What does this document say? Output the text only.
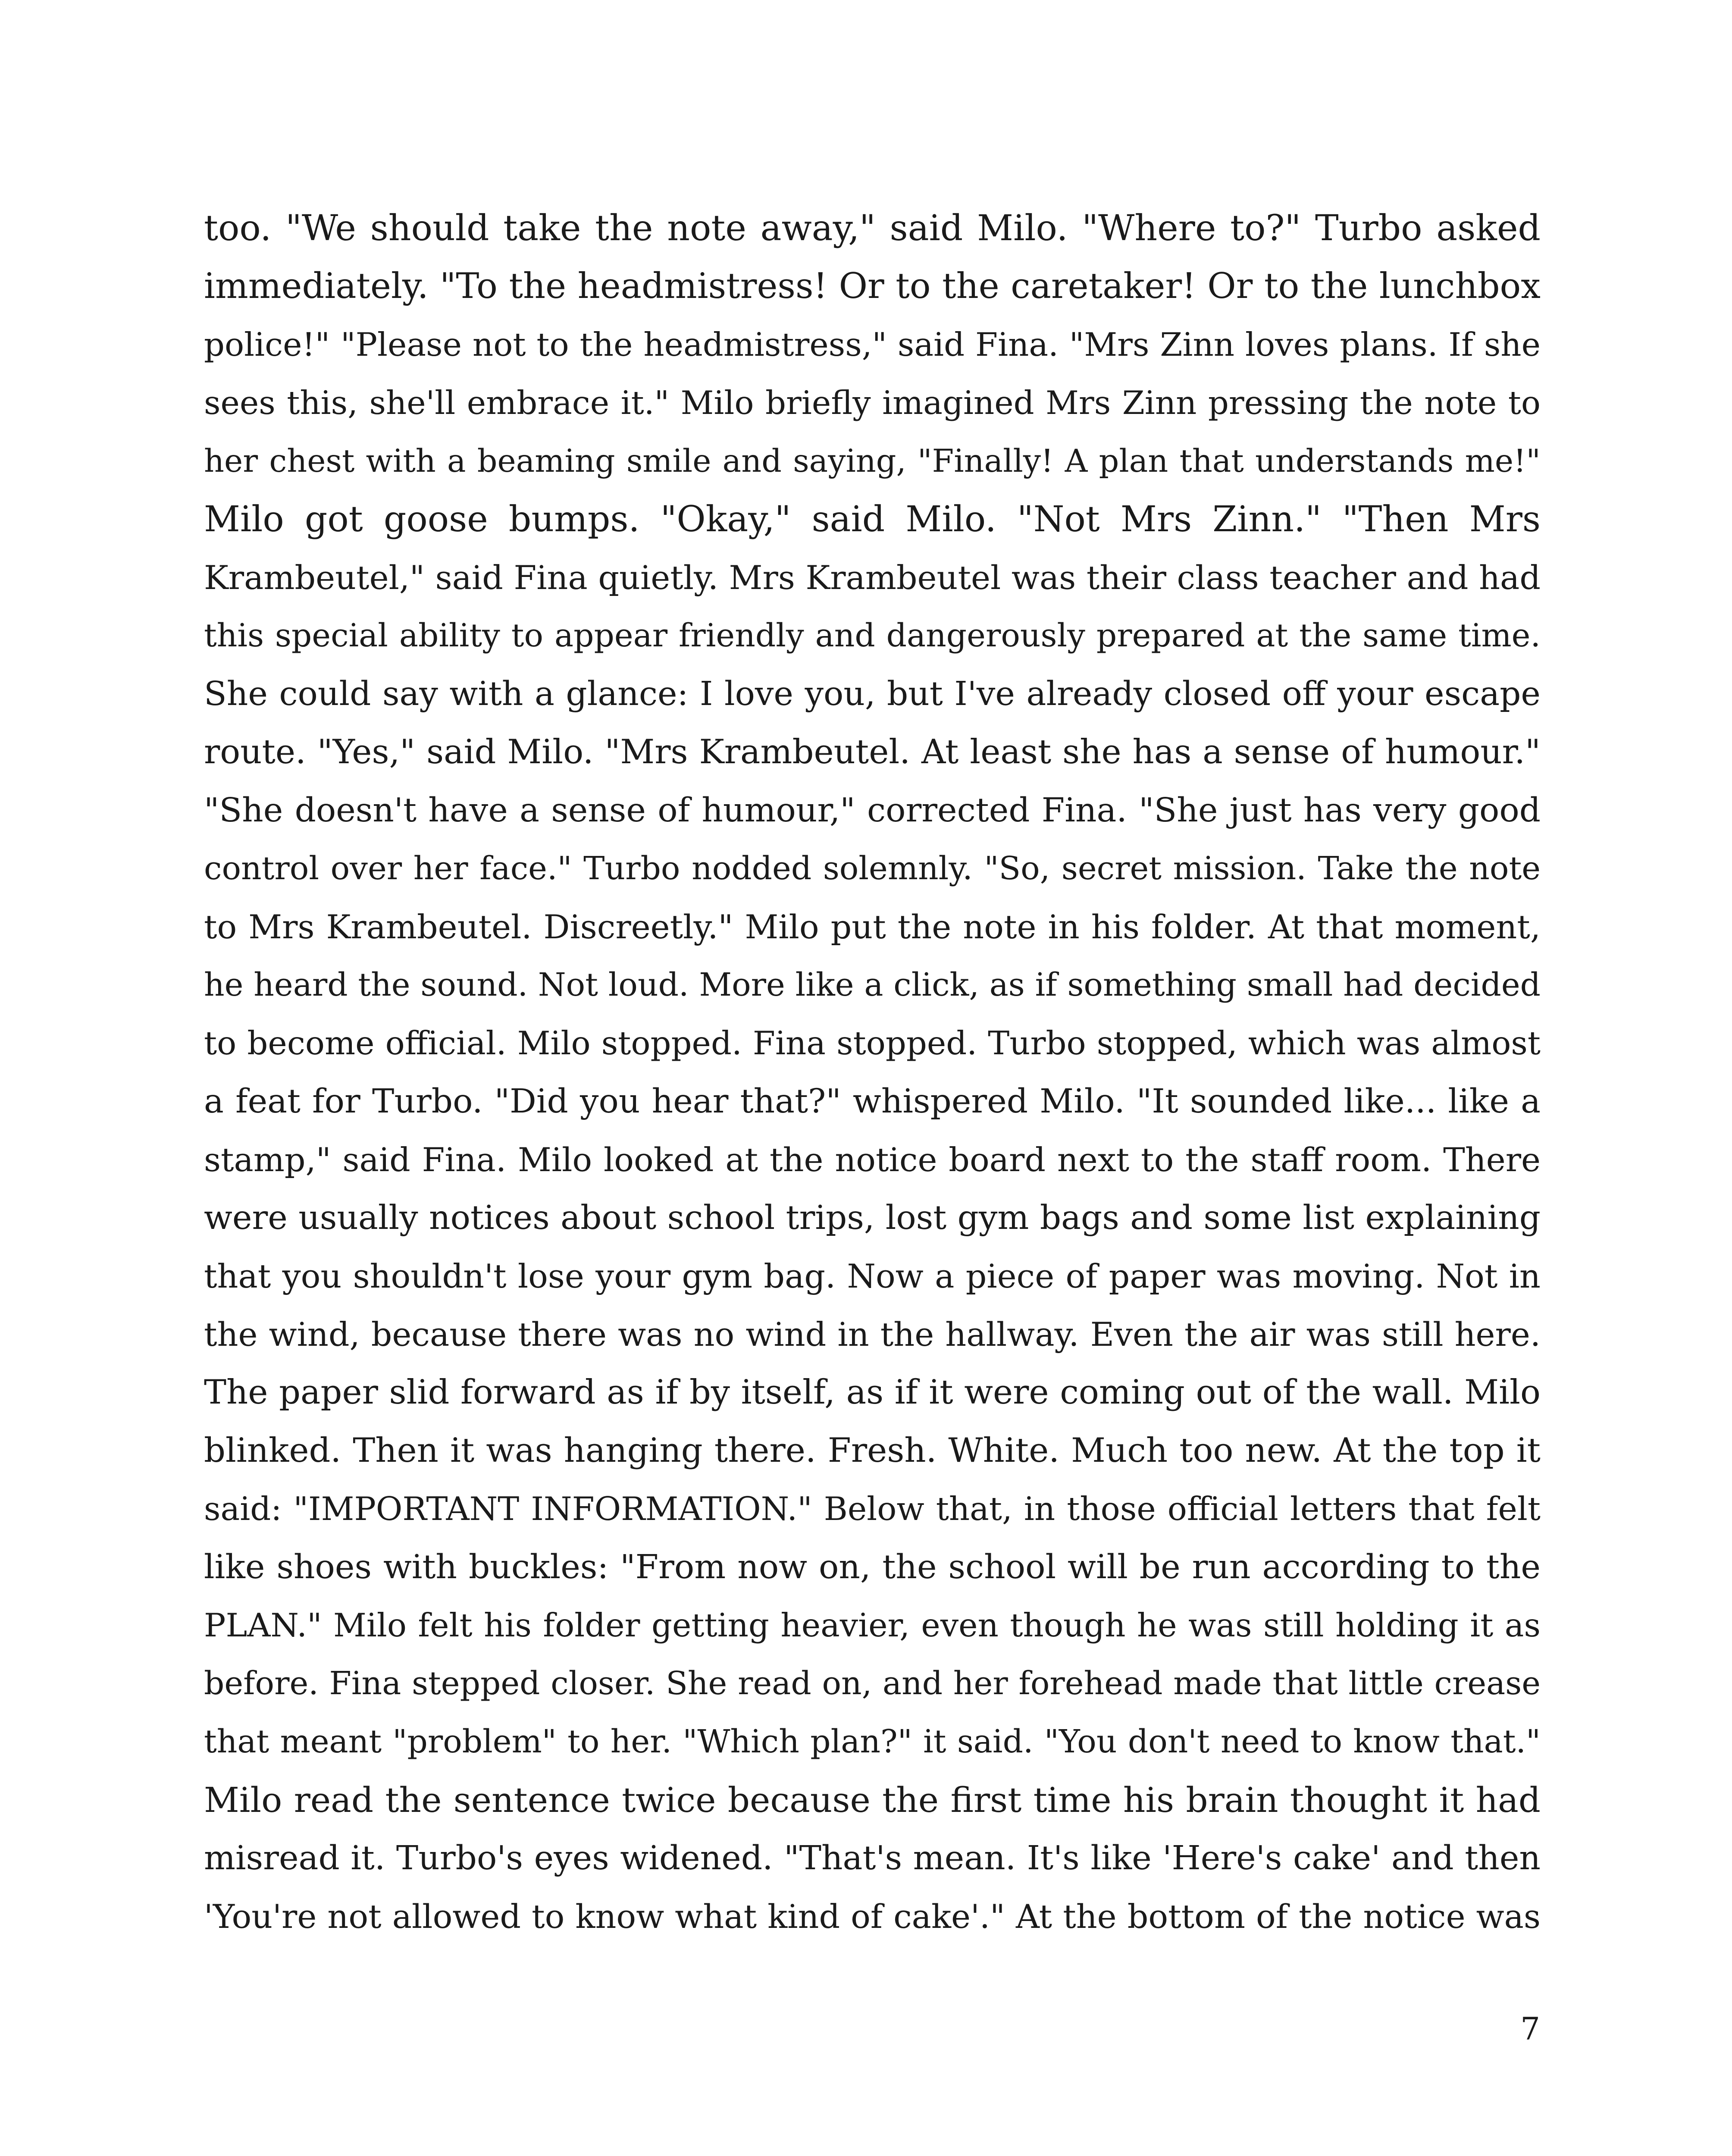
too. "We should take the note away," said Milo. "Where to?" Turbo asked
immediately. "To the headmistress! Or to the caretaker! Or to the lunchbox
police!" "Please not to the headmistress," said Fina. "Mrs Zinn loves plans. If she
sees this, she'll embrace it." Milo briefly imagined Mrs Zinn pressing the note to
her chest with a beaming smile and saying, "Finally! A plan that understands me!"
Milo got goose bumps. "Okay," said Milo. "Not Mrs Zinn." "Then Mrs
Krambeutel," said Fina quietly. Mrs Krambeutel was their class teacher and had
this special ability to appear friendly and dangerously prepared at the same time.
She could say with a glance: I love you, but I've already closed off your escape
route. "Yes," said Milo. "Mrs Krambeutel. At least she has a sense of humour."
"She doesn't have a sense of humour," corrected Fina. "She just has very good
control over her face." Turbo nodded solemnly. "So, secret mission. Take the note
to Mrs Krambeutel. Discreetly." Milo put the note in his folder. At that moment,
he heard the sound. Not loud. More like a click, as if something small had decided
to become official. Milo stopped. Fina stopped. Turbo stopped, which was almost
a feat for Turbo. "Did you hear that?" whispered Milo. "It sounded like... like a
stamp," said Fina. Milo looked at the notice board next to the staff room. There
were usually notices about school trips, lost gym bags and some list explaining
that you shouldn't lose your gym bag. Now a piece of paper was moving. Not in
the wind, because there was no wind in the hallway. Even the air was still here.
The paper slid forward as if by itself, as if it were coming out of the wall. Milo
blinked. Then it was hanging there. Fresh. White. Much too new. At the top it
said: "IMPORTANT INFORMATION." Below that, in those official letters that felt
like shoes with buckles: "From now on, the school will be run according to the
PLAN." Milo felt his folder getting heavier, even though he was still holding it as
before. Fina stepped closer. She read on, and her forehead made that little crease
that meant "problem" to her. "Which plan?" it said. "You don't need to know that."
Milo read the sentence twice because the first time his brain thought it had
misread it. Turbo's eyes widened. "That's mean. It's like 'Here's cake' and then
'You're not allowed to know what kind of cake'." At the bottom of the notice was
7
